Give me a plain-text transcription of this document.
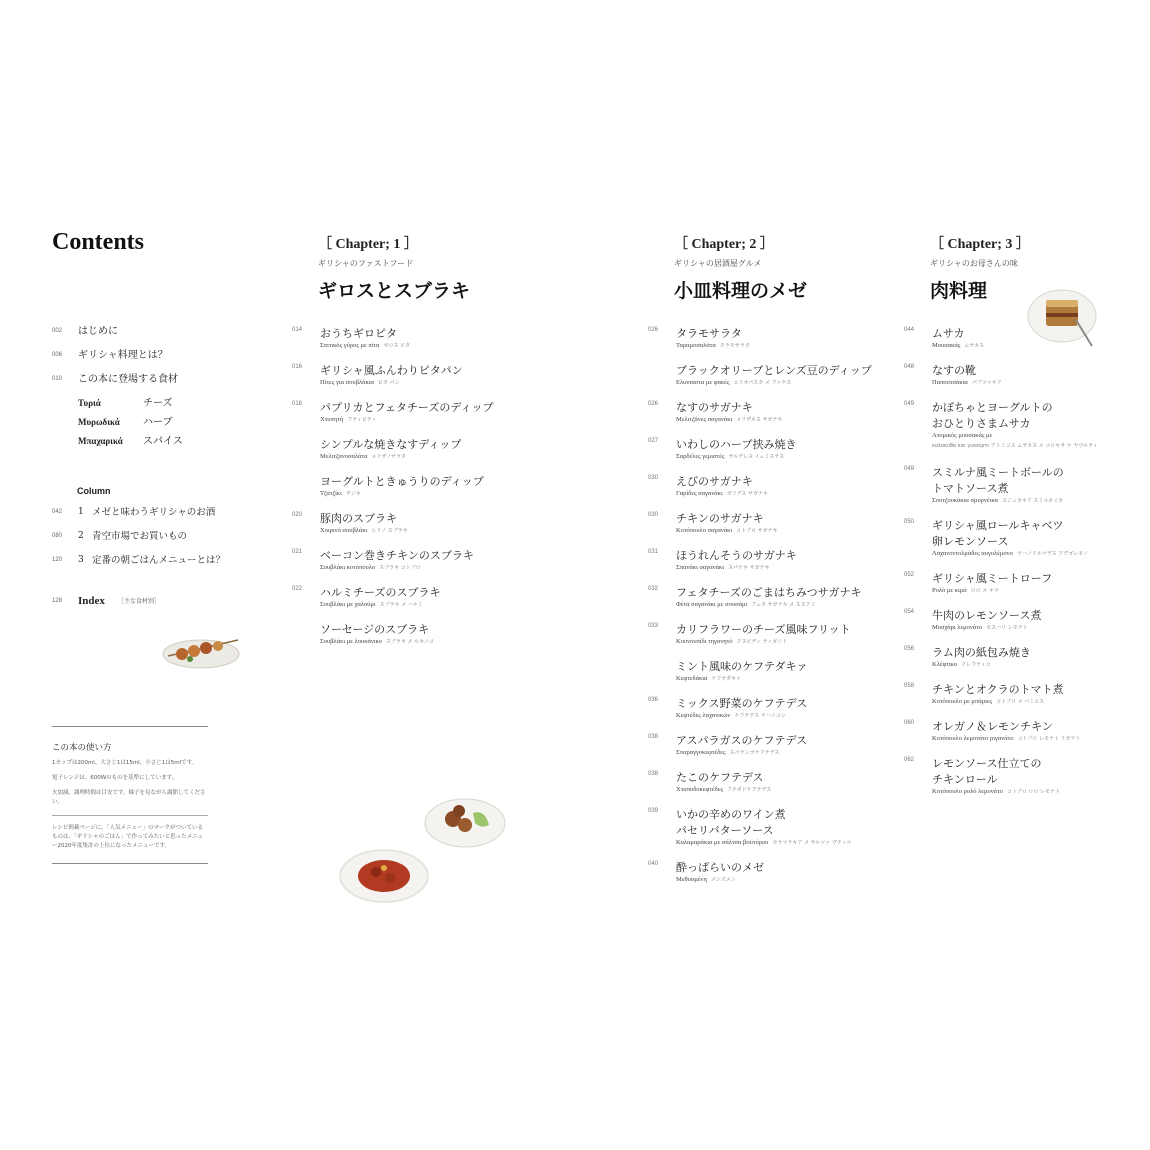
Contents
002	はじめに
006	ギリシャ料理とは？
010	この本に登場する食材
Τυριά	チーズ
Μυρωδικά ハーブ
Μπαχαρικά スパイス
Column
042	1 メゼと味わうギリシャのお酒
080	2 青空市場でお買いもの
120	3 定番の朝ごはんメニューとは？
128	Index ［主な食材別］
この本の使い方

1カップは200ml、大さじ1は15ml、小さじ1は5mlです。

電子レンジは、600Wのものを基準にしています。

火加減、調理時間は目安です。様子を見ながら調節してください。

レシピ掲載ページに、「人気メニュー」のマークがついているものは、「ギリシャのごはん」で作ってみたいと思ったメニュー2020年度集計の上位になったメニューです。

［ Chapter; 1 ］
ギリシャのファストフード
ギロスとスブラキ
014	おうちギロピタ
Σπιτικός γύρος με πίτα ギロス ピタ
016	ギリシャ風ふんわりピタパン
Πίτες για σουβλάκια ピタ パン
018	パプリカとフェタチーズのディップ
Χτυπητή フティピティ
シンプルな焼きなすディップ
Μελιτζανοσαλάτα メリザノサラタ
ヨーグルトときゅうりのディップ
Τζατζίκι ザジキ
020	豚肉のスブラキ
Χοιρινό σουβλάκι ヒリノ スブラキ
021	ベーコン巻きチキンのスブラキ
Σουβλάκι κοτόπουλο スブラキ コトプロ
022	ハルミチーズのスブラキ
Σουβλάκι με χαλούμι スブラキ メ ハルミ
ソーセージのスブラキ
Σουβλάκι με λουκάνικο スブラキ メ ルカニコ
［ Chapter; 2 ］
ギリシャの居酒屋グルメ
小皿料理のメゼ
026	タラモサラタ
Ταραμοσαλάτα タラモサラタ
ブラックオリーブとレンズ豆のディップ
Ελιοπαστα με φακές エリオパスタ メ ファケス
026	なすのサガナキ
Μελιτζάνες σαγανάκι メリザネス サガナキ
027	いわしのハーブ挟み焼き
Σαρδέλες γεμιστές サルデレス イェミステス
030	えびのサガナキ
Γαρίδες σαγανάκι ガリデス サガナキ
030	チキンのサガナキ
Κοτόπουλο σαγανάκι コトプロ サガナキ
031	ほうれんそうのサガナキ
Σπανάκι σαγανάκι スパナキ サガナキ
032	フェタチーズのごまはちみつサガナキ
Φέτα σαγανάκι με σουσάμι フェタ サガナキ メ ススアミ
033	カリフラワーのチーズ風味フリット
Κουνουπίδι τηγανητό クヌピディ ティガニト
ミント風味のケフテダキァ
Κεφτεδάκια ケフテダキァ
036	ミックス野菜のケフテデス
Κεφτέδες λαχανικών ケフテデス ラハニコン
038	アスパラガスのケフテデス
Σπαραγγοκεφτέδες スパランゴケフテデス
038	たこのケフテデス
Χταποδοκεφτέδες フタポドケフテデス
039	いかの辛めのワイン煮
パセリバターソース
Καλαμαράκια με σάλτσα βουτύρου カラマラキア メ サルツァ ヴティル
040	酔っぱらいのメゼ
Μεθυσμένη メシズメニ
［ Chapter; 3 ］
ギリシャのお母さんの味
肉料理
044	ムサカ
Μουσακάς ムサカス
048	なすの靴
Παπουτσάκια パプツァキア
049	かぼちゃとヨーグルトの
おひとりさまムサカ
Ατομικός μουσακάς με
κολοκύθα και γιαούρτι アトミコス ムサカス メ コロキサ ケ ヤウルティ
049	スミルナ風ミートボールの
トマトソース煮
Σουτζουκάκια σμυρνέικα スジュカキア スミルネイカ
050	ギリシャ風ロールキャベツ
卵レモンソース
Λαχανοντολμάδες αυγολέμονο ラハノドルマデス アヴゴレモノ
052	ギリシャ風ミートローフ
Ρολό με κιμά ロロ メ キマ
054	牛肉のレモンソース煮
Μοσχάρι λεμονάτο モスハリ レモナト
056	ラム肉の紙包み焼き
Κλέφτικο クレフティコ
058	チキンとオクラのトマト煮
Κοτόπουλο με μπάμιες コトプロ メ バミエス
060	オレガノ＆レモンチキン
Κοτόπουλο λεμονάτο ριγανάτο コトプロ レモナト リガナト
062	レモンソース仕立ての
チキンロール
Κοτόπουλο ρολό λεμονάτο コトプロ ロロ レモナト
